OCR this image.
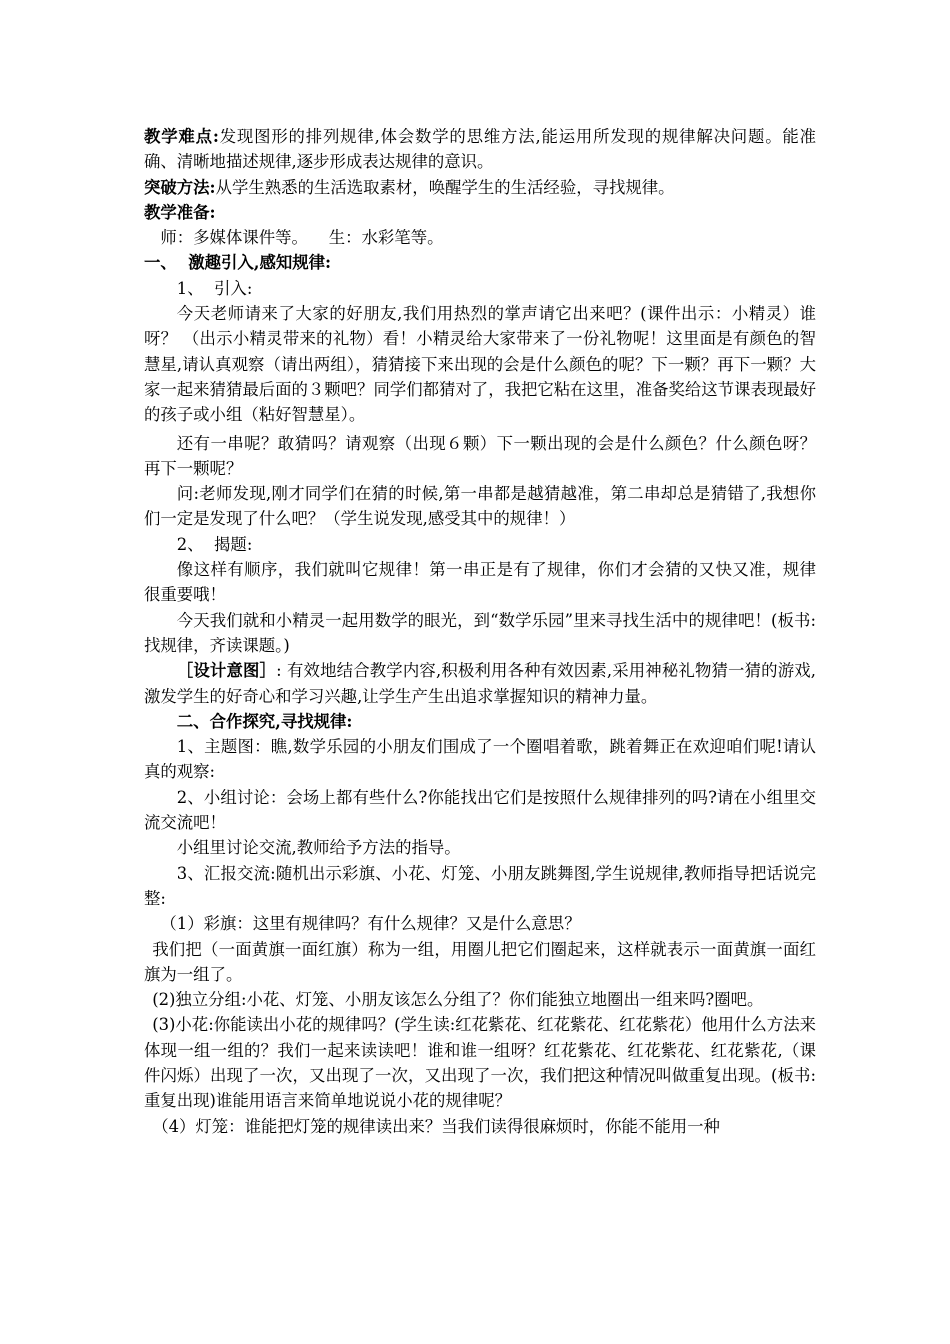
教学难点:发现图形的排列规律,体会数学的思维方法,能运用所发现的规律解决问题。能准确、清晰地描述规律,逐步形成表达规律的意识。

突破方法:从学生熟悉的生活选取素材，唤醒学生的生活经验，寻找规律。

教学准备:

师：多媒体课件等。    生：水彩笔等。

一、  激趣引入,感知规律:

1、  引入:

今天老师请来了大家的好朋友,我们用热烈的掌声请它出来吧？(课件出示：小精灵）谁呀？ （出示小精灵带来的礼物）看！小精灵给大家带来了一份礼物呢！这里面是有颜色的智慧星,请认真观察（请出两组），猜猜接下来出现的会是什么颜色的呢？下一颗？再下一颗？大家一起来猜猜最后面的３颗吧？同学们都猜对了，我把它粘在这里，准备奖给这节课表现最好的孩子或小组（粘好智慧星）。

还有一串呢？敢猜吗？请观察（出现６颗）下一颗出现的会是什么颜色？什么颜色呀？再下一颗呢？

问:老师发现,刚才同学们在猜的时候,第一串都是越猜越准，第二串却总是猜错了,我想你们一定是发现了什么吧？（学生说发现,感受其中的规律！）

2、  揭题:

像这样有顺序，我们就叫它规律！第一串正是有了规律，你们才会猜的又快又准，规律很重要哦！

今天我们就和小精灵一起用数学的眼光，到“数学乐园”里来寻找生活中的规律吧！(板书:找规律，齐读课题。)

［设计意图］: 有效地结合教学内容,积极利用各种有效因素,采用神秘礼物猜一猜的游戏,激发学生的好奇心和学习兴趣,让学生产生出追求掌握知识的精神力量。

二、合作探究,寻找规律:

1、主题图：瞧,数学乐园的小朋友们围成了一个圈唱着歌，跳着舞正在欢迎咱们呢!请认真的观察:

2、小组讨论：会场上都有些什么?你能找出它们是按照什么规律排列的吗?请在小组里交流交流吧！

小组里讨论交流,教师给予方法的指导。

3、汇报交流:随机出示彩旗、小花、灯笼、小朋友跳舞图,学生说规律,教师指导把话说完整:

（1）彩旗：这里有规律吗？有什么规律？又是什么意思？

我们把（一面黄旗一面红旗）称为一组，用圈儿把它们圈起来，这样就表示一面黄旗一面红旗为一组了。

(2)独立分组:小花、灯笼、小朋友该怎么分组了？你们能独立地圈出一组来吗?圈吧。

(3)小花:你能读出小花的规律吗？(学生读:红花紫花、红花紫花、红花紫花）他用什么方法来体现一组一组的？我们一起来读读吧！谁和谁一组呀？红花紫花、红花紫花、红花紫花,（课件闪烁）出现了一次，又出现了一次，又出现了一次，我们把这种情况叫做重复出现。(板书:重复出现)谁能用语言来简单地说说小花的规律呢？

（4）灯笼：谁能把灯笼的规律读出来？当我们读得很麻烦时，你能不能用一种
